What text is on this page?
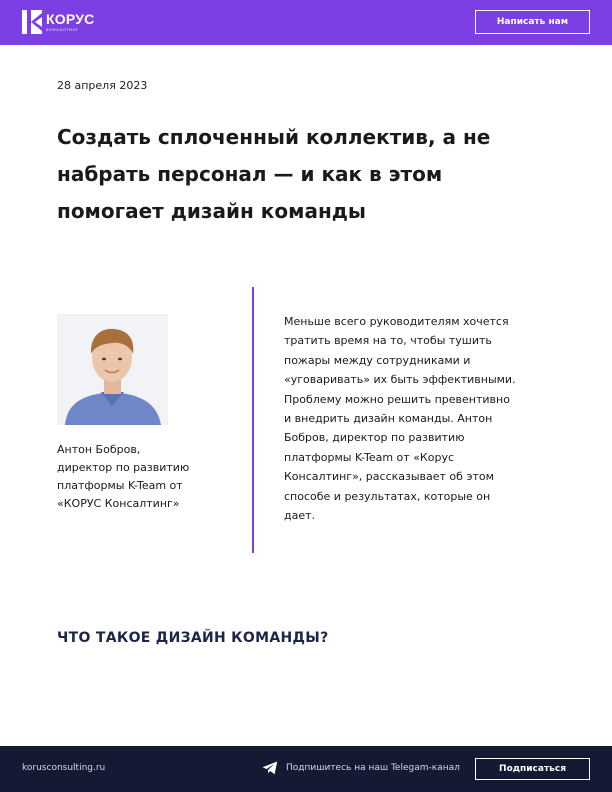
КОРУС
КОНСАЛТИНГ
Написать нам
28 апреля 2023
Создать сплоченный коллектив, а не набрать персонал — и как в этом помогает дизайн команды
Антон Бобров,
директор по развитию платформы K-Team от «КОРУС Консалтинг»

Меньше всего руководителям хочется тратить время на то, чтобы тушить пожары между сотрудниками и «уговаривать» их быть эффективными. Проблему можно решить превентивно и внедрить дизайн команды. Антон Бобров, директор по развитию платформы K-Team от «Корус Консалтинг», рассказывает об этом способе и результатах, которые он дает.

ЧТО ТАКОЕ ДИЗАЙН КОМАНДЫ?
korusconsulting.ru	Подпишитесь на наш Telegam-канал	Подписаться
